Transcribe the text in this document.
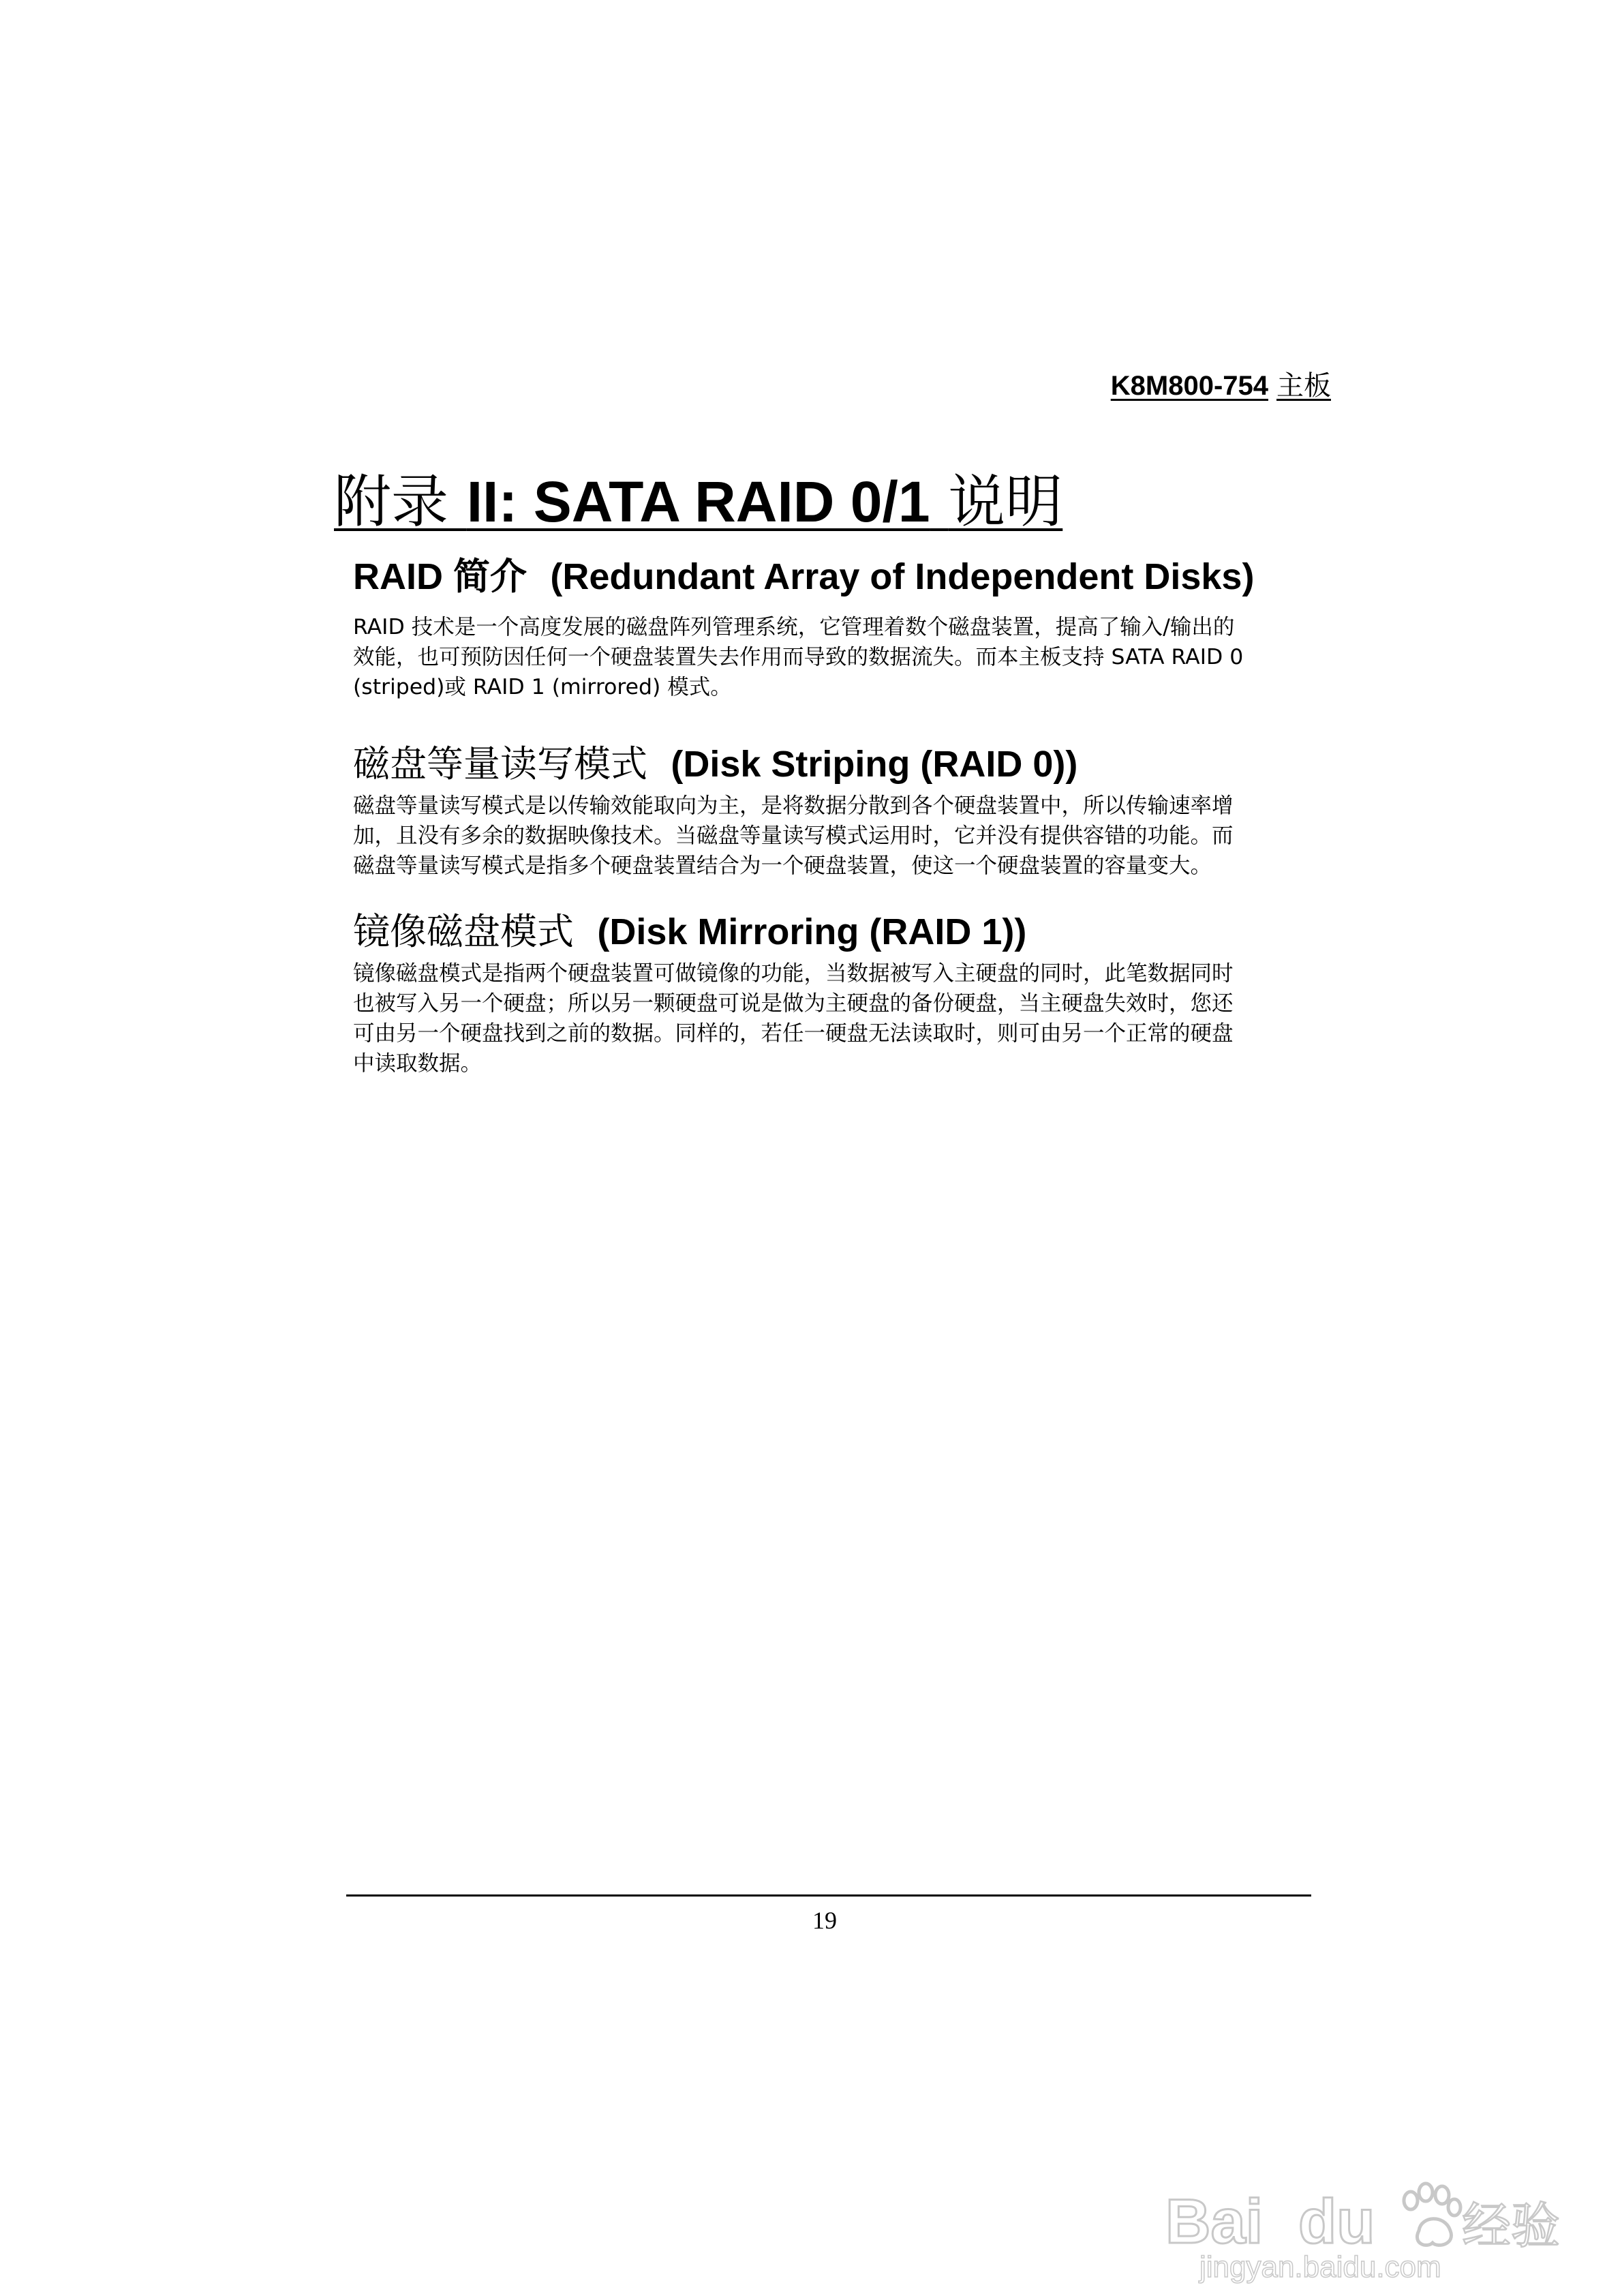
K8M800-754 主板
附录 II: SATA RAID 0/1 说明
RAID 简介 (Redundant Array of Independent Disks)

RAID 技术是一个高度发展的磁盘阵列管理系统，它管理着数个磁盘装置，提高了输入/输出的

效能，也可预防因任何一个硬盘装置失去作用而导致的数据流失。而本主板支持 SATA RAID 0

(striped)或 RAID 1 (mirrored) 模式。

磁盘等量读写模式 (Disk Striping (RAID 0))

磁盘等量读写模式是以传输效能取向为主，是将数据分散到各个硬盘装置中，所以传输速率增

加，且没有多余的数据映像技术。当磁盘等量读写模式运用时，它并没有提供容错的功能。而

磁盘等量读写模式是指多个硬盘装置结合为一个硬盘装置，使这一个硬盘装置的容量变大。

镜像磁盘模式 (Disk Mirroring (RAID 1))

镜像磁盘模式是指两个硬盘装置可做镜像的功能，当数据被写入主硬盘的同时，此笔数据同时

也被写入另一个硬盘；所以另一颗硬盘可说是做为主硬盘的备份硬盘，当主硬盘失效时，您还

可由另一个硬盘找到之前的数据。同样的，若任一硬盘无法读取时，则可由另一个正常的硬盘

中读取数据。

19
Bai du 经验
jingyan.baidu.com
